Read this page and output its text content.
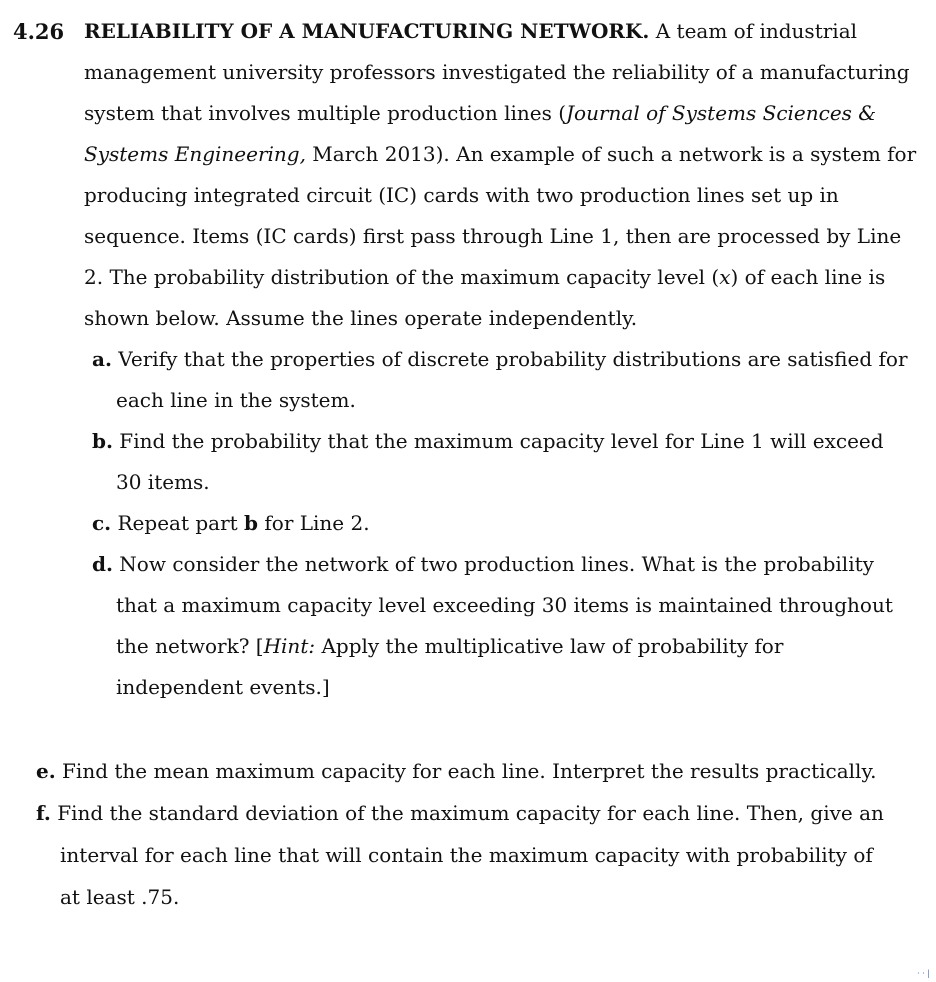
4.26 RELIABILITY OF A MANUFACTURING NETWORK. A team of industrial management university professors investigated the reliability of a manufacturing system that involves multiple production lines (Journal of Systems Sciences & Systems Engineering, March 2013). An example of such a network is a system for producing integrated circuit (IC) cards with two production lines set up in sequence. Items (IC cards) first pass through Line 1, then are processed by Line 2. The probability distribution of the maximum capacity level (x) of each line is shown below. Assume the lines operate independently.
a. Verify that the properties of discrete probability distributions are satisfied for each line in the system.
b. Find the probability that the maximum capacity level for Line 1 will exceed 30 items.
c. Repeat part b for Line 2.
d. Now consider the network of two production lines. What is the probability that a maximum capacity level exceeding 30 items is maintained throughout the network? [Hint: Apply the multiplicative law of probability for independent events.]
e. Find the mean maximum capacity for each line. Interpret the results practically.
f. Find the standard deviation of the maximum capacity for each line. Then, give an interval for each line that will contain the maximum capacity with probability of at least .75.
· · |
